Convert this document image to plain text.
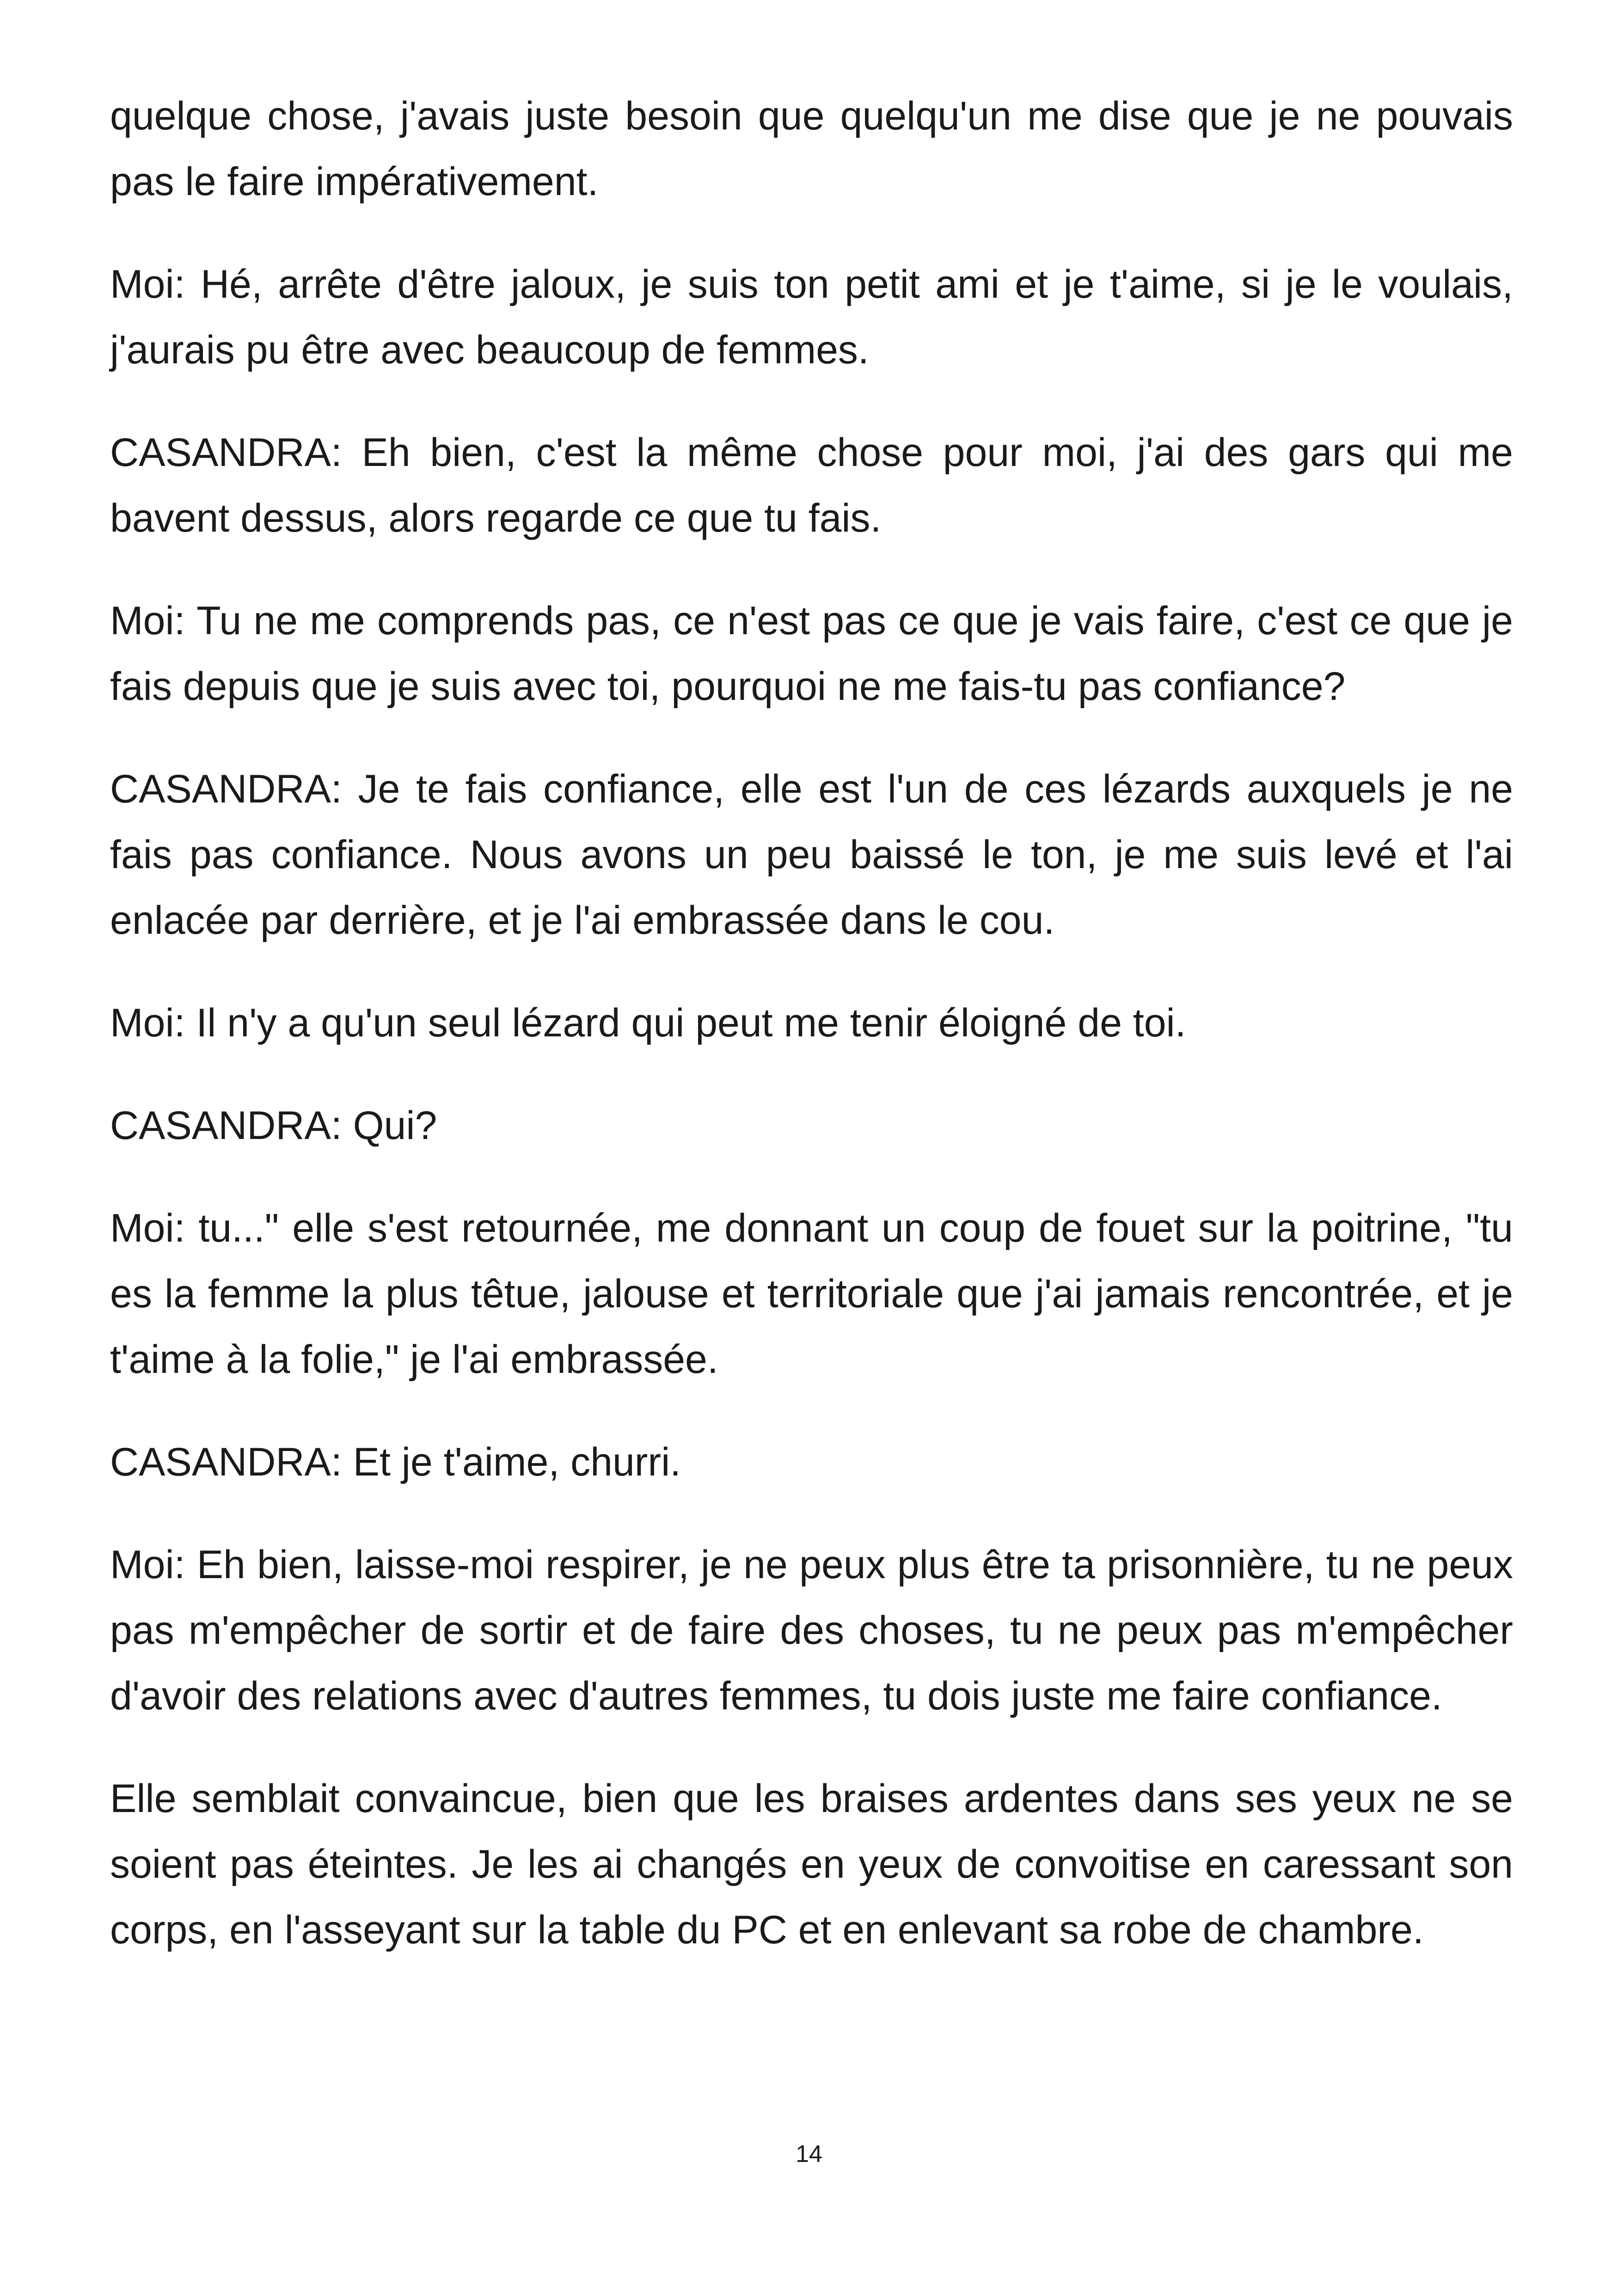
quelque chose, j'avais juste besoin que quelqu'un me dise que je ne pouvais pas le faire impérativement.

Moi: Hé, arrête d'être jaloux, je suis ton petit ami et je t'aime, si je le voulais, j'aurais pu être avec beaucoup de femmes.

CASANDRA: Eh bien, c'est la même chose pour moi, j'ai des gars qui me bavent dessus, alors regarde ce que tu fais.

Moi: Tu ne me comprends pas, ce n'est pas ce que je vais faire, c'est ce que je fais depuis que je suis avec toi, pourquoi ne me fais-tu pas confiance?

CASANDRA: Je te fais confiance, elle est l'un de ces lézards auxquels je ne fais pas confiance. Nous avons un peu baissé le ton, je me suis levé et l'ai enlacée par derrière, et je l'ai embrassée dans le cou.

Moi: Il n'y a qu'un seul lézard qui peut me tenir éloigné de toi.

CASANDRA: Qui?

Moi: tu..." elle s'est retournée, me donnant un coup de fouet sur la poitrine, "tu es la femme la plus têtue, jalouse et territoriale que j'ai jamais rencontrée, et je t'aime à la folie," je l'ai embrassée.

CASANDRA: Et je t'aime, churri.

Moi: Eh bien, laisse-moi respirer, je ne peux plus être ta prisonnière, tu ne peux pas m'empêcher de sortir et de faire des choses, tu ne peux pas m'empêcher d'avoir des relations avec d'autres femmes, tu dois juste me faire confiance.

Elle semblait convaincue, bien que les braises ardentes dans ses yeux ne se soient pas éteintes. Je les ai changés en yeux de convoitise en caressant son corps, en l'asseyant sur la table du PC et en enlevant sa robe de chambre.

14
